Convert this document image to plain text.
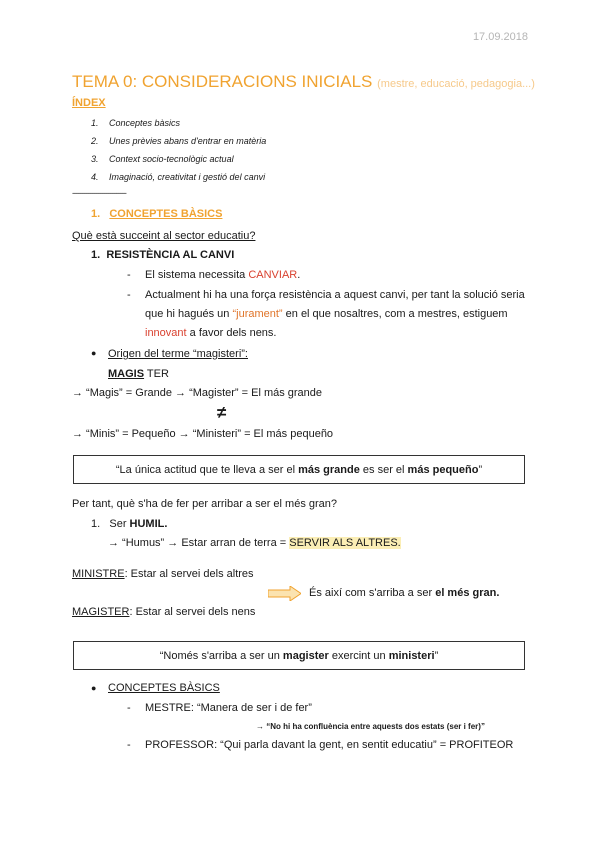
17.09.2018
TEMA 0: CONSIDERACIONS INICIALS (mestre, educació, pedagogia...)
ÍNDEX
1.	Conceptes bàsics
2.	Unes prèvies abans d'entrar en matèria
3.	Context socio-tecnològic actual
4.	Imaginació, creativitat i gestió del canvi
---------------------------
1. CONCEPTES BÀSICS
Què està succeint al sector educatiu?
1. RESISTÈNCIA AL CANVI
- El sistema necessita CANVIAR.
- Actualment hi ha una força resistència a aquest canvi, per tant la solució seria
que hi hagués un “jurament” en el que nosaltres, com a mestres, estiguem
innovant a favor dels nens.
● Origen del terme “magisteri”:
MAGIS TER
→ “Magis” = Grande → “Magister” = El más grande
≠
→ “Minis” = Pequeño → “Ministeri” = El más pequeño
“La única actitud que te lleva a ser el más grande es ser el más pequeño”
Per tant, què s'ha de fer per arribar a ser el més gran?
1. Ser HUMIL.
→ “Humus” → Estar arran de terra = SERVIR ALS ALTRES.
MINISTRE: Estar al servei dels altres
És així com s'arriba a ser el més gran.
MAGISTER: Estar al servei dels nens
“Només s'arriba a ser un magister exercint un ministeri”
● CONCEPTES BÀSICS
- MESTRE: “Manera de ser i de fer”
→ “No hi ha confluència entre aquests dos estats (ser i fer)”
- PROFESSOR: “Qui parla davant la gent, en sentit educatiu” = PROFITEOR
